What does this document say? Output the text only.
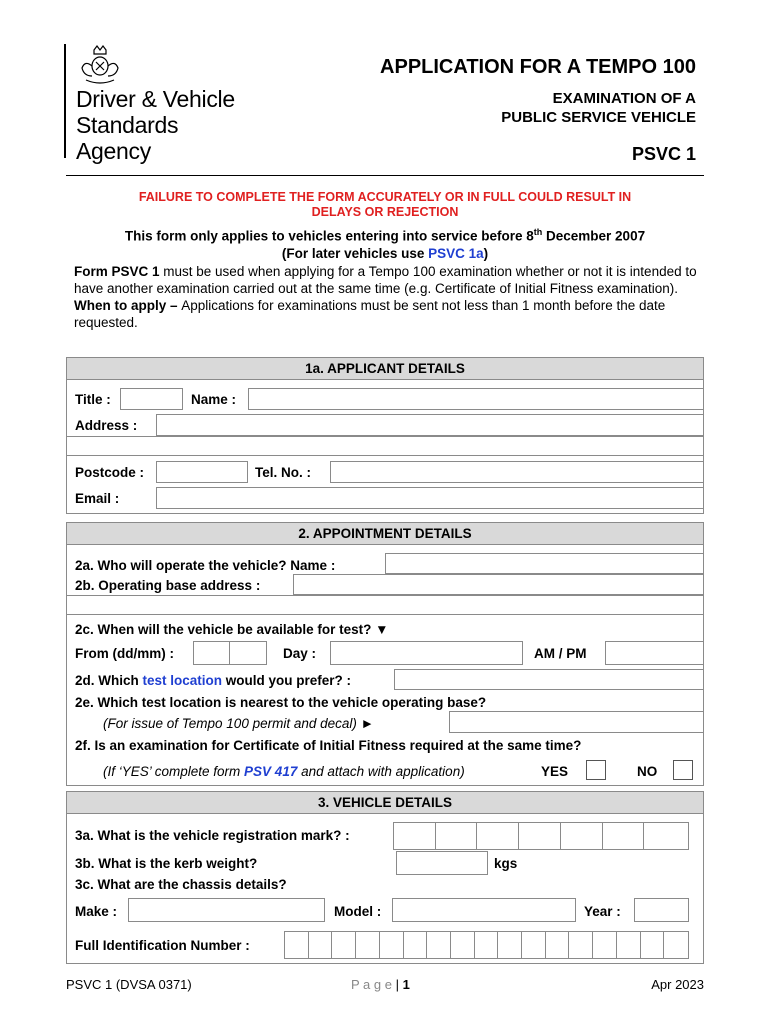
Driver & Vehicle
Standards
Agency
APPLICATION FOR A TEMPO 100
EXAMINATION OF A
PUBLIC SERVICE VEHICLE
PSVC 1
FAILURE TO COMPLETE THE FORM ACCURATELY OR IN FULL COULD RESULT IN
DELAYS OR REJECTION
This form only applies to vehicles entering into service before 8th December 2007
(For later vehicles use PSVC 1a)
Form PSVC 1 must be used when applying for a Tempo 100 examination whether or not it is intended to have another examination carried out at the same time (e.g. Certificate of Initial Fitness examination).
When to apply – Applications for examinations must be sent not less than 1 month before the date requested.
1a. APPLICANT DETAILS
Title :	Name :
Address :
Postcode :	Tel. No. :
Email :
2. APPOINTMENT DETAILS
2a. Who will operate the vehicle? Name :
2b. Operating base address :
2c. When will the vehicle be available for test? ▼
From (dd/mm) :	Day :	AM / PM
2d. Which test location would you prefer? :
2e. Which test location is nearest to the vehicle operating base?
(For issue of Tempo 100 permit and decal) ►
2f. Is an examination for Certificate of Initial Fitness required at the same time?
(If ‘YES’ complete form PSV 417 and attach with application)	YES	NO
3. VEHICLE DETAILS
3a. What is the vehicle registration mark? :
3b. What is the kerb weight?	kgs
3c. What are the chassis details?
Make :	Model :	Year :
Full Identification Number :
PSVC 1 (DVSA 0371)	P a g e | 1	Apr 2023
